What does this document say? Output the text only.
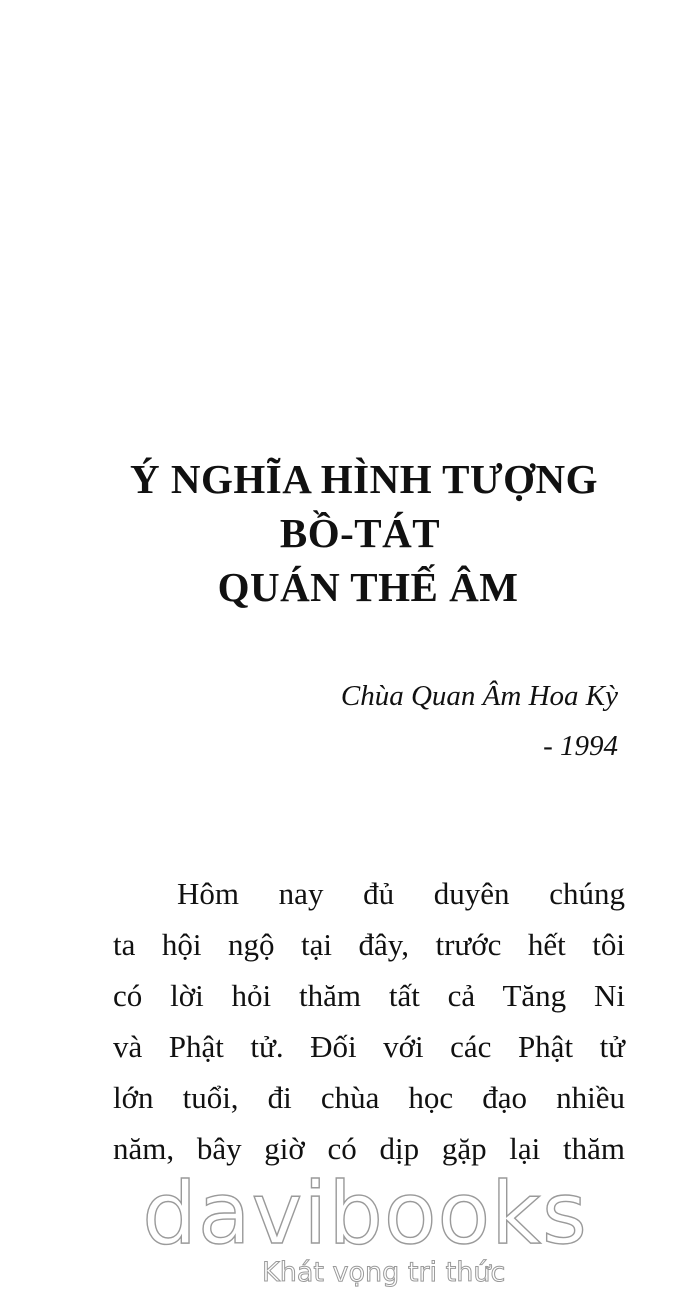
Ý NGHĨA HÌNH TƯỢNG
BỒ-TÁT
QUÁN THẾ ÂM
Chùa Quan Âm Hoa Kỳ
- 1994
Hôm nay đủ duyên chúng
ta hội ngộ tại đây, trước hết tôi
có lời hỏi thăm tất cả Tăng Ni
và Phật tử. Đối với các Phật tử
lớn tuổi, đi chùa học đạo nhiều
năm, bây giờ có dịp gặp lại thăm
davibooks
Khát vọng tri thức
